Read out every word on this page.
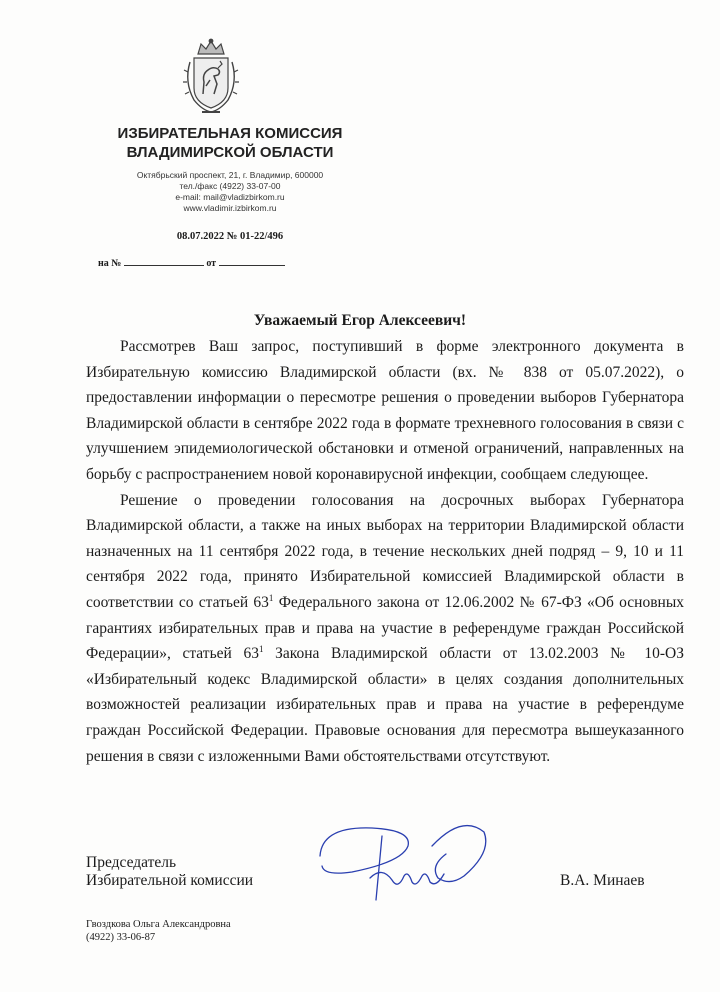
ИЗБИРАТЕЛЬНАЯ КОМИССИЯ
ВЛАДИМИРСКОЙ ОБЛАСТИ
Октябрьский проспект, 21, г. Владимир, 600000
тел./факс (4922) 33-07-00
e-mail: mail@vladizbirkom.ru
www.vladimir.izbirkom.ru
08.07.2022 № 01-22/496
на №	от
Уважаемый Егор Алексеевич!

Рассмотрев Ваш запрос, поступивший в форме электронного документа в Избирательную комиссию Владимирской области (вх. № 838 от 05.07.2022), о предоставлении информации о пересмотре решения о проведении выборов Губернатора Владимирской области в сентябре 2022 года в формате трехневного голосования в связи с улучшением эпидемиологической обстановки и отменой ограничений, направленных на борьбу с распространением новой коронавирусной инфекции, сообщаем следующее.

Решение о проведении голосования на досрочных выборах Губернатора Владимирской области, а также на иных выборах на территории Владимирской области назначенных на 11 сентября 2022 года, в течение нескольких дней подряд – 9, 10 и 11 сентября 2022 года, принято Избирательной комиссией Владимирской области в соответствии со статьей $63^1$ Федерального закона от 12.06.2002 № 67-ФЗ «Об основных гарантиях избирательных прав и права на участие в референдуме граждан Российской Федерации», статьей $63^1$ Закона Владимирской области от 13.02.2003 № 10-ОЗ «Избирательный кодекс Владимирской области» в целях создания дополнительных возможностей реализации избирательных прав и права на участие в референдуме граждан Российской Федерации. Правовые основания для пересмотра вышеуказанного решения в связи с изложенными Вами обстоятельствами отсутствуют.

Председатель
Избирательной комиссии	В.А. Минаев
Гвоздкова Ольга Александровна
(4922) 33-06-87
